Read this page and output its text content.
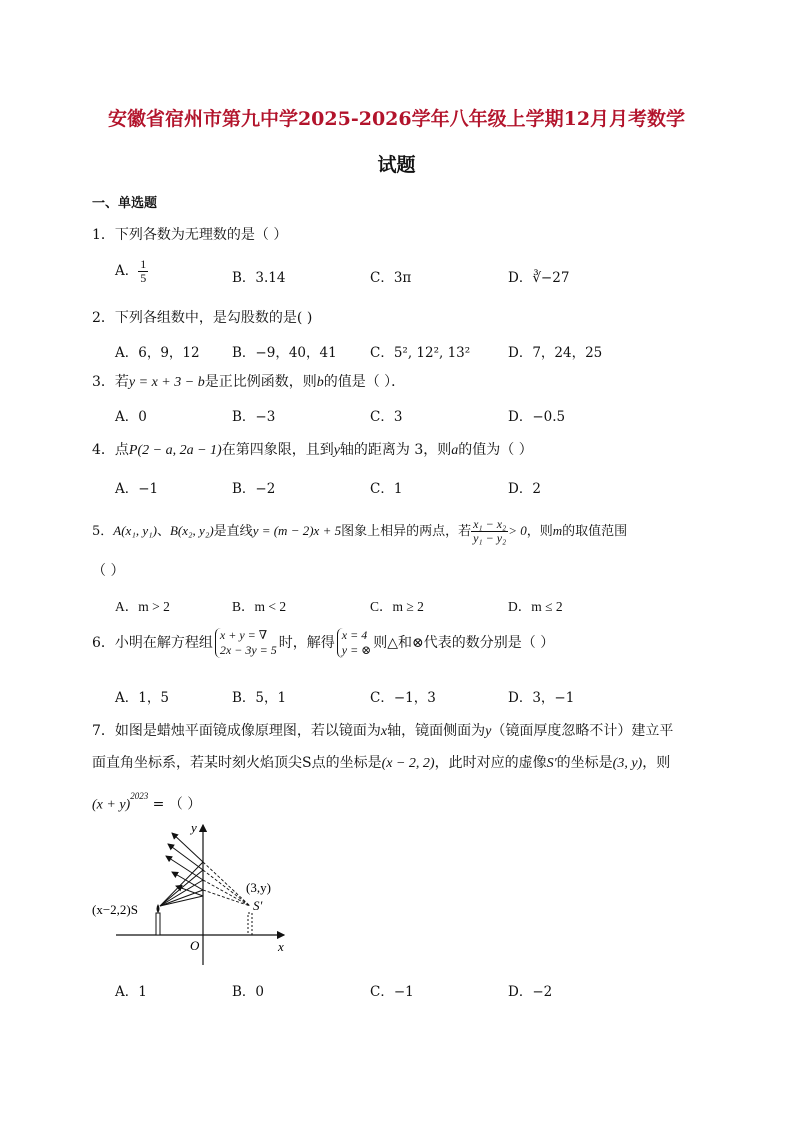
安徽省宿州市第九中学2025-2026学年八年级上学期12月月考数学
试题
一、单选题
1．下列各数为无理数的是（ ）
A． $\frac{1}{5}$	B．3.14	C．3π	D．∛−27
2．下列各组数中，是勾股数的是( )
A．6，9，12 B．−9，40，41 C．5², 12², 13²	D．7，24，25
3．若y = x + 3 − b是正比例函数，则b的值是（ ）．
A．0	B．−3	C．3	D．−0.5
4．点P(2 − a, 2a − 1)在第四象限，且到y轴的距离为 3，则a的值为（ ）
A．−1	B．−2	C．1	D．2
5．A(x₁, y₁)、B(x₂, y₂)是直线y = (m − 2)x + 5图象上相异的两点，若 $\frac{\text{x₁ − x₂}}{\text{y₁ − y₂}} > 0$，则m的取值范围
（ ）
A．m > 2	B．m < 2	C．m ≥ 2	D．m ≤ 2
6．小明在解方程组 x + y = ∇
2x − 3y = 5 时，解得 x = 4
y = ⊗ 则△和⊗代表的数分别是（ ）
A．1，5	B．5，1	C．−1，3	D．3，−1
7．如图是蜡烛平面镜成像原理图，若以镜面为x轴，镜面侧面为y（镜面厚度忽略不计）建立平
面直角坐标系，若某时刻火焰顶尖S点的坐标是(x − 2, 2)，此时对应的虚像S′的坐标是(3, y)，则
$(x + y)^{2023}$ = （ ）
(x−2,2)S	S′
(3,y)
O	x
y
A．1	B．0	C．−1	D．−2
